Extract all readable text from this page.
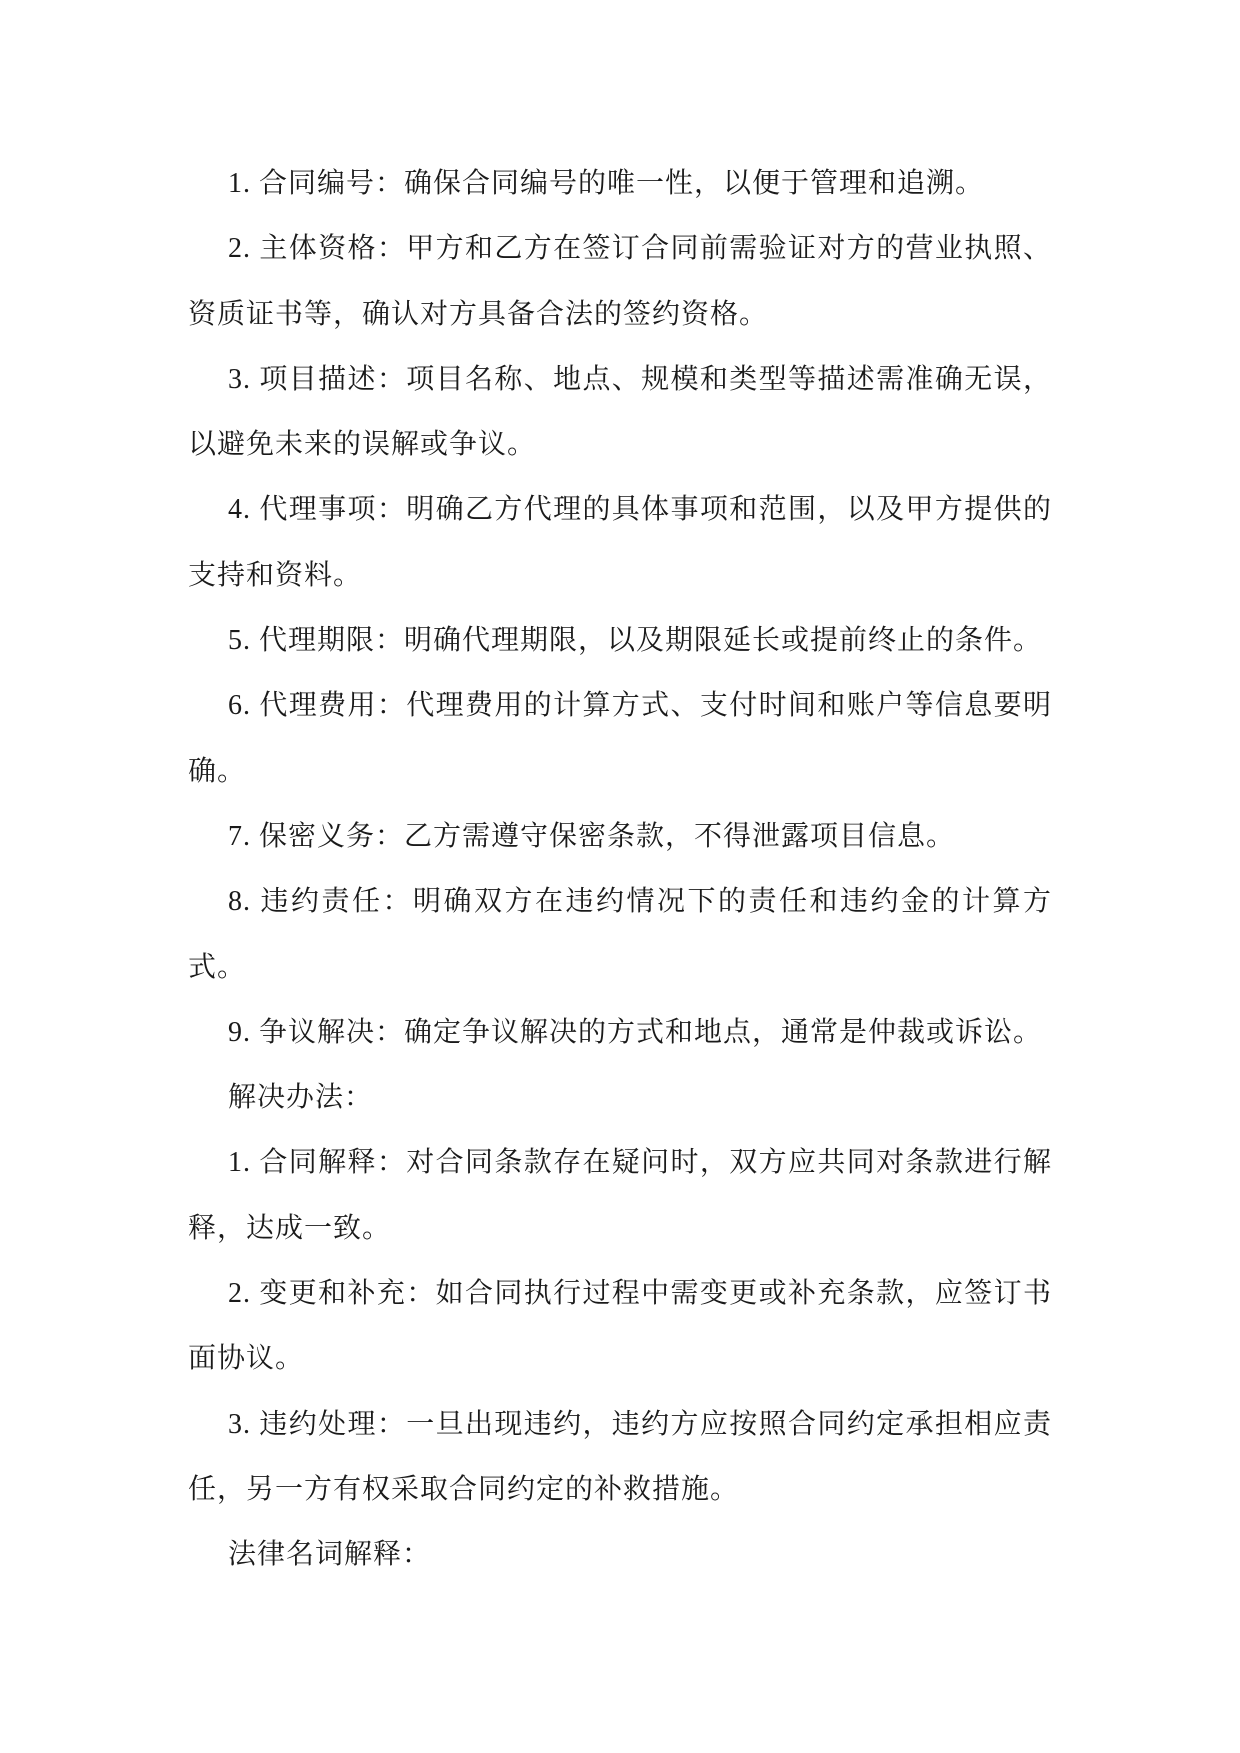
1. 合同编号：确保合同编号的唯一性，以便于管理和追溯。

2. 主体资格：甲方和乙方在签订合同前需验证对方的营业执照、资质证书等，确认对方具备合法的签约资格。

3. 项目描述：项目名称、地点、规模和类型等描述需准确无误，以避免未来的误解或争议。

4. 代理事项：明确乙方代理的具体事项和范围，以及甲方提供的支持和资料。

5. 代理期限：明确代理期限，以及期限延长或提前终止的条件。

6. 代理费用：代理费用的计算方式、支付时间和账户等信息要明确。

7. 保密义务：乙方需遵守保密条款，不得泄露项目信息。

8. 违约责任：明确双方在违约情况下的责任和违约金的计算方式。

9. 争议解决：确定争议解决的方式和地点，通常是仲裁或诉讼。

解决办法：

1. 合同解释：对合同条款存在疑问时，双方应共同对条款进行解释，达成一致。

2. 变更和补充：如合同执行过程中需变更或补充条款，应签订书面协议。

3. 违约处理：一旦出现违约，违约方应按照合同约定承担相应责任，另一方有权采取合同约定的补救措施。

法律名词解释：
